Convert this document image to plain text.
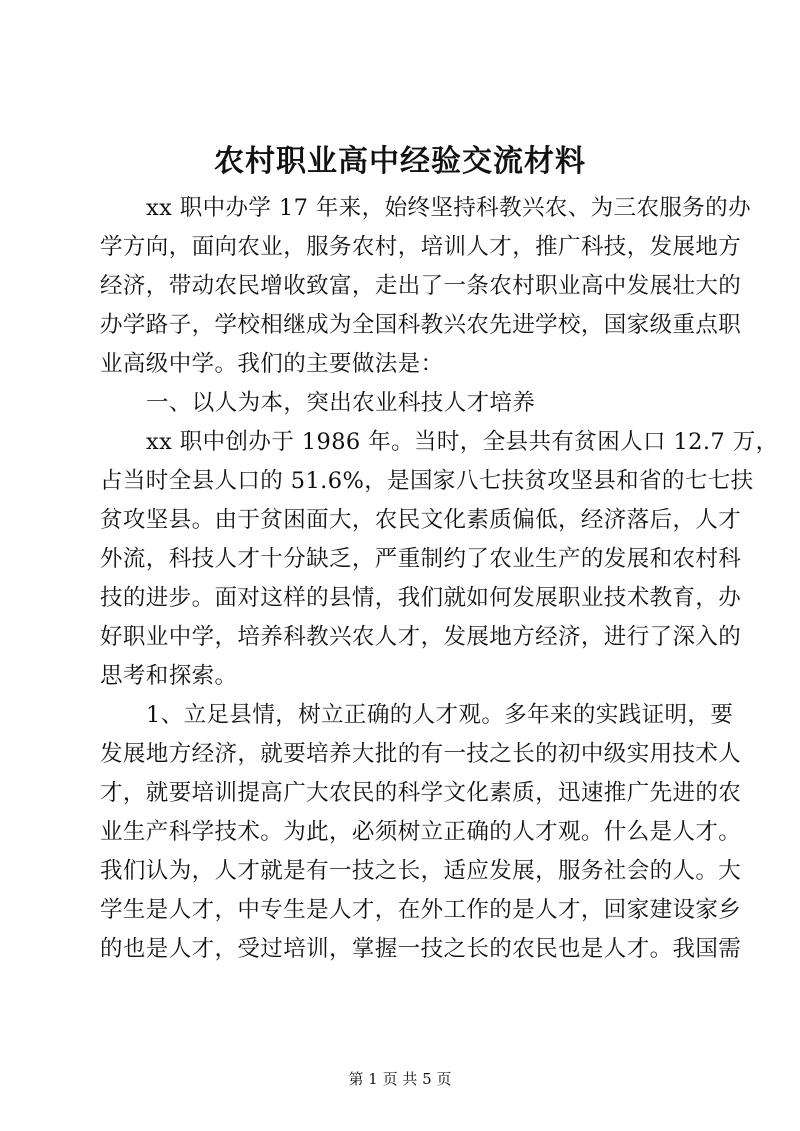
农村职业高中经验交流材料
xx 职中办学 17 年来，始终坚持科教兴农、为三农服务的办
学方向，面向农业，服务农村，培训人才，推广科技，发展地方
经济，带动农民增收致富，走出了一条农村职业高中发展壮大的
办学路子，学校相继成为全国科教兴农先进学校，国家级重点职
业高级中学。我们的主要做法是：
一、以人为本，突出农业科技人才培养
xx 职中创办于 1986 年。当时，全县共有贫困人口 12.7 万，
占当时全县人口的 51.6%，是国家八七扶贫攻坚县和省的七七扶
贫攻坚县。由于贫困面大，农民文化素质偏低，经济落后，人才
外流，科技人才十分缺乏，严重制约了农业生产的发展和农村科
技的进步。面对这样的县情，我们就如何发展职业技术教育，办
好职业中学，培养科教兴农人才，发展地方经济，进行了深入的
思考和探索。
1、立足县情，树立正确的人才观。多年来的实践证明，要
发展地方经济，就要培养大批的有一技之长的初中级实用技术人
才，就要培训提高广大农民的科学文化素质，迅速推广先进的农
业生产科学技术。为此，必须树立正确的人才观。什么是人才。
我们认为，人才就是有一技之长，适应发展，服务社会的人。大
学生是人才，中专生是人才，在外工作的是人才，回家建设家乡
的也是人才，受过培训，掌握一技之长的农民也是人才。我国需
第 1 页 共 5 页
